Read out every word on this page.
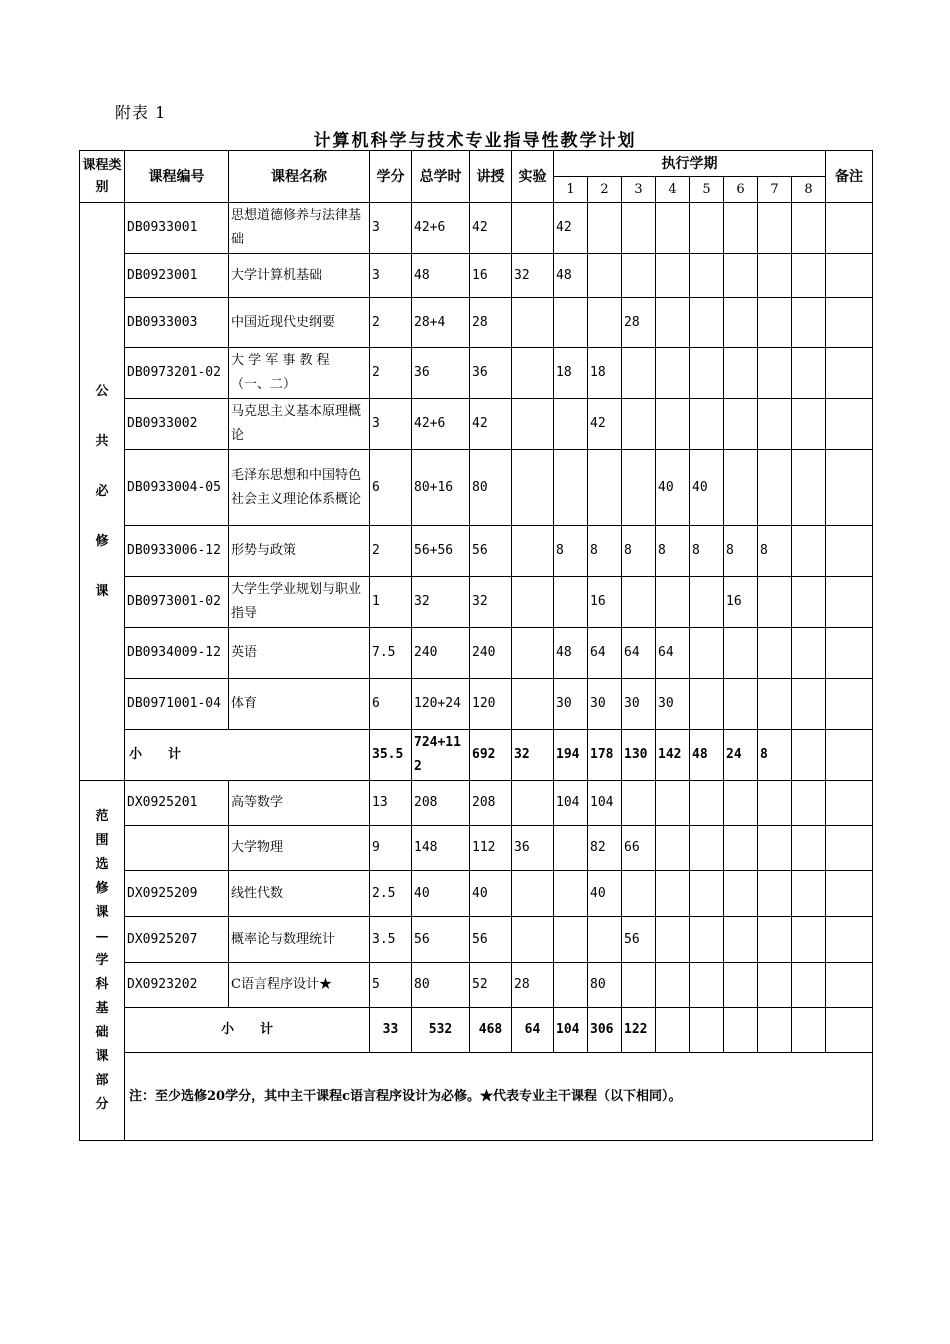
附表 1
计算机科学与技术专业指导性教学计划
课程类别	课程编号	课程名称	学分	总学时	讲授	实验	执行学期								备注
							1	2	3	4	5	6	7	8	

公共必修课	DB0933001	思想道德修养与法律基础	3	42+6	42		42								
	DB0923001	大学计算机基础	3	48	16	32	48								
	DB0933003	中国近现代史纲要	2	28+4	28				28						
	DB0973201-02	大 学 军 事 教 程（一、二）	2	36	36		18	18							
	DB0933002	马克思主义基本原理概论	3	42+6	42			42							
	DB0933004-05	毛泽东思想和中国特色社会主义理论体系概论	6	80+16	80					40	40				
	DB0933006-12	形势与政策	2	56+56	56		8	8	8	8	8	8	8		
	DB0973001-02	大学生学业规划与职业指导	1	32	32			16				16			
	DB0934009-12	英语	7.5	240	240		48	64	64	64					
	DB0971001-04	体育	6	120+24	120		30	30	30	30					
	小　　计		35.5	724+112	692	32	194	178	130	142	48	24	8		

范围选修课—学科基础课部分	DX0925201	高等数学	13	208	208		104	104							
		大学物理	9	148	112	36		82	66						
	DX0925209	线性代数	2.5	40	40			40							
	DX0925207	概率论与数理统计	3.5	56	56				56						
	DX0923202	C语言程序设计★	5	80	52	28		80							
	小　　计		33	532	468	64	104	306	122						
	注：至少选修20学分，其中主干课程c语言程序设计为必修。★代表专业主干课程（以下相同）。														
